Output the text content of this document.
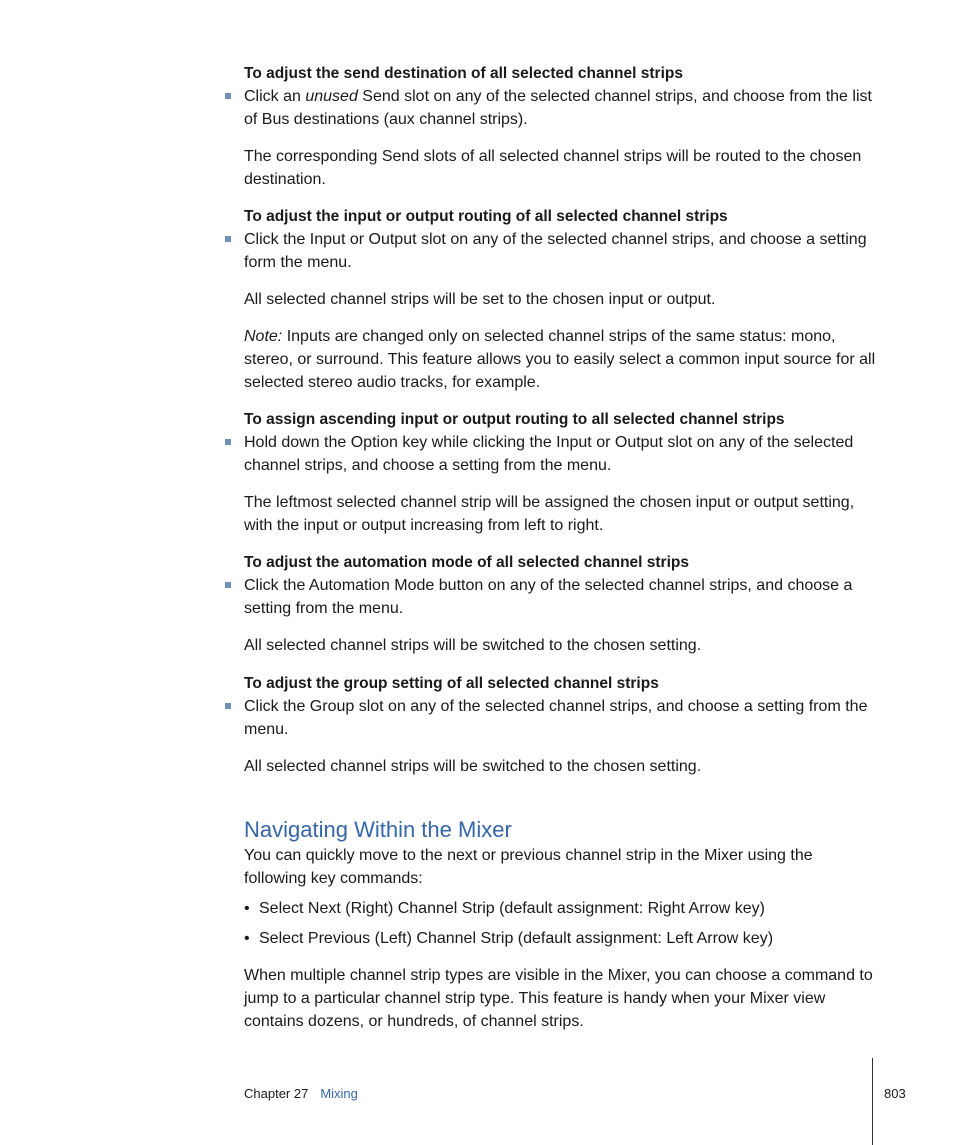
To adjust the send destination of all selected channel strips

Click an unused Send slot on any of the selected channel strips, and choose from the list of Bus destinations (aux channel strips).

The corresponding Send slots of all selected channel strips will be routed to the chosen destination.

To adjust the input or output routing of all selected channel strips

Click the Input or Output slot on any of the selected channel strips, and choose a setting form the menu.

All selected channel strips will be set to the chosen input or output.

Note: Inputs are changed only on selected channel strips of the same status: mono, stereo, or surround. This feature allows you to easily select a common input source for all selected stereo audio tracks, for example.

To assign ascending input or output routing to all selected channel strips

Hold down the Option key while clicking the Input or Output slot on any of the selected channel strips, and choose a setting from the menu.

The leftmost selected channel strip will be assigned the chosen input or output setting, with the input or output increasing from left to right.

To adjust the automation mode of all selected channel strips

Click the Automation Mode button on any of the selected channel strips, and choose a setting from the menu.

All selected channel strips will be switched to the chosen setting.

To adjust the group setting of all selected channel strips

Click the Group slot on any of the selected channel strips, and choose a setting from the menu.

All selected channel strips will be switched to the chosen setting.

Navigating Within the Mixer

You can quickly move to the next or previous channel strip in the Mixer using the following key commands:

• Select Next (Right) Channel Strip (default assignment: Right Arrow key)

• Select Previous (Left) Channel Strip (default assignment: Left Arrow key)

When multiple channel strip types are visible in the Mixer, you can choose a command to jump to a particular channel strip type. This feature is handy when your Mixer view contains dozens, or hundreds, of channel strips.

Chapter 27 Mixing	803
